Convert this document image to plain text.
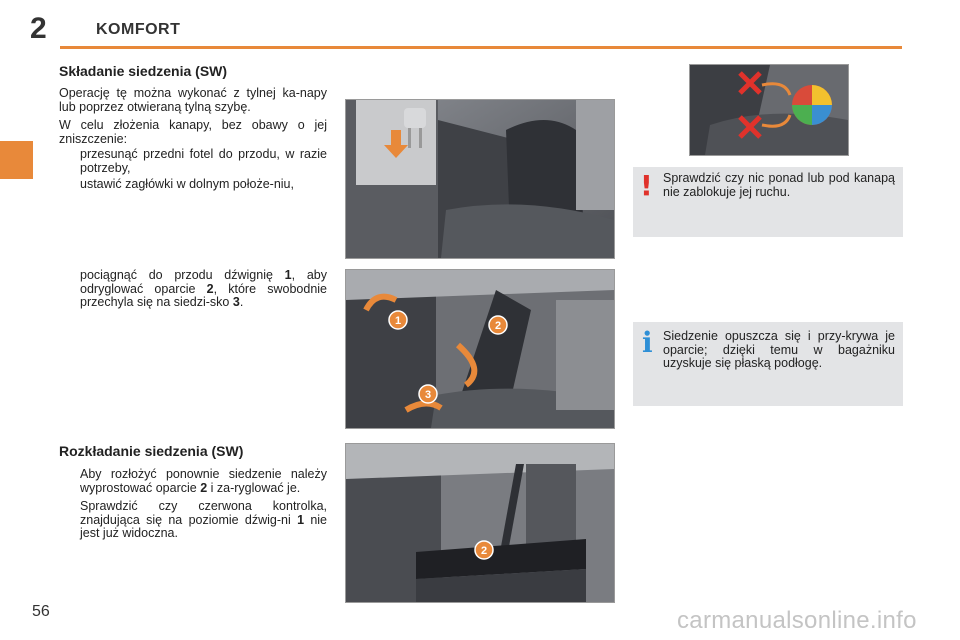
2	KOMFORT
Składanie siedzenia (SW)

Operację tę można wykonać z tylnej ka-napy lub poprzez otwieraną tylną szybę.

W celu złożenia kanapy, bez obawy o jej zniszczenie:

przesunąć przedni fotel do przodu, w razie potrzeby,
ustawić zagłówki w dolnym położe-niu,
pociągnąć do przodu dźwignię 1, aby odryglować oparcie 2, które swobodnie przechyla się na siedzi-sko 3.
Rozkładanie siedzenia (SW)
Aby rozłożyć ponownie siedzenie należy wyprostować oparcie 2 i za-ryglować je.
Sprawdzić czy czerwona kontrolka, znajdująca się na poziomie dźwig-ni 1 nie jest już widoczna.
1	2
3
2
! Sprawdzić czy nic ponad lub pod kanapą nie zablokuje jej ruchu.
i Siedzenie opuszcza się i przy-krywa je oparcie; dzięki temu w bagażniku uzyskuje się płaską podłogę.
56	carmanualsonline.info
